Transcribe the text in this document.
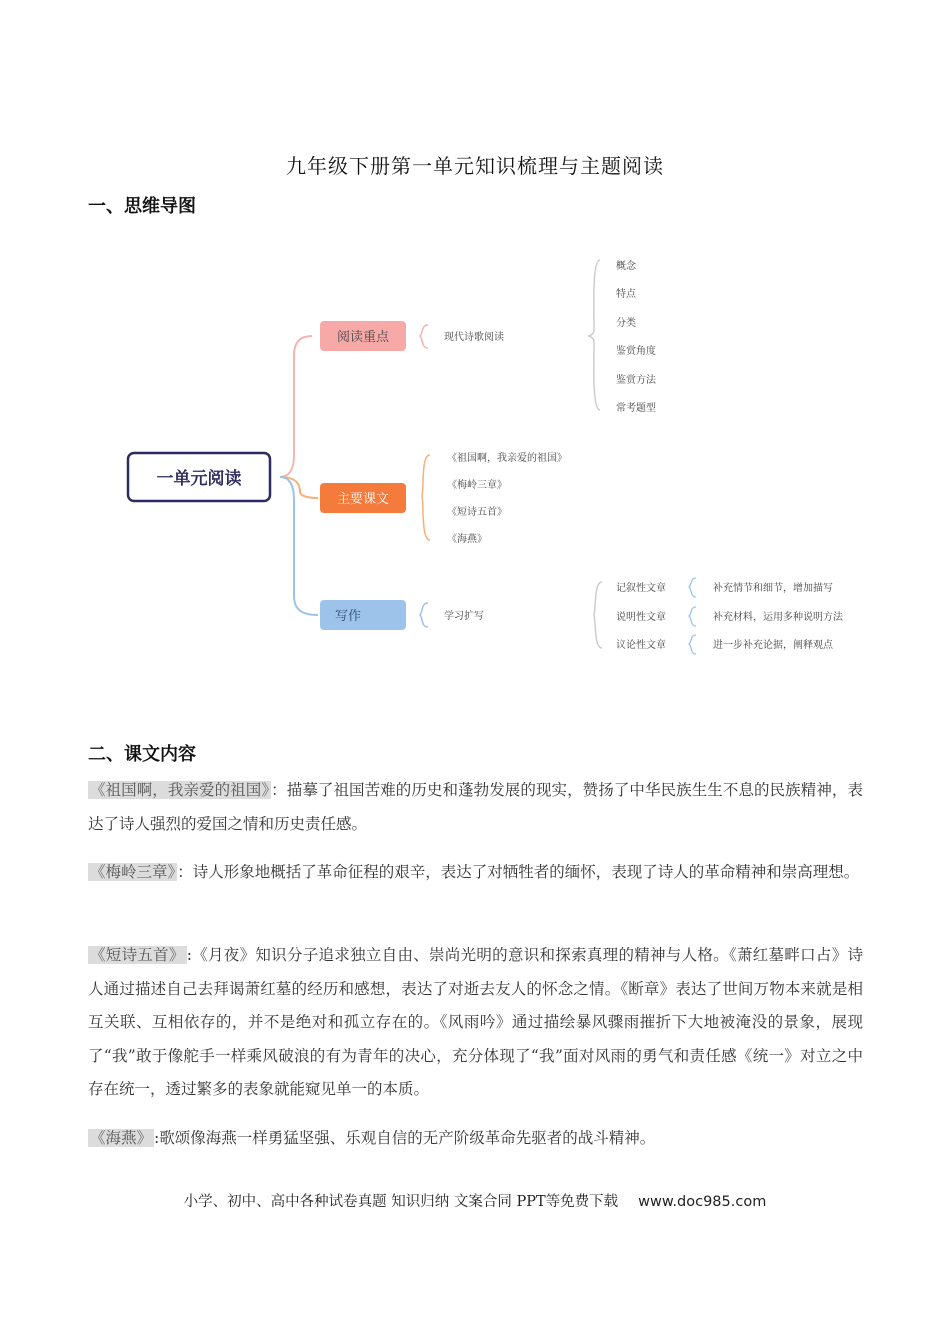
九年级下册第一单元知识梳理与主题阅读
一、思维导图
一单元阅读
阅读重点	现代诗歌阅读
概念
特点
分类
鉴赏角度
鉴赏方法
常考题型
主要课文
《祖国啊，我亲爱的祖国》
《梅岭三章》
《短诗五首》
《海燕》
写作	学习扩写
记叙性文章	补充情节和细节，增加描写
说明性文章	补充材料，运用多种说明方法
议论性文章	进一步补充论据，阐释观点
二、课文内容
《祖国啊，我亲爱的祖国》 ：描摹了祖国苦难的历史和蓬勃发展的现实，赞扬了中华民族生生不息的民族精神，表达了诗人强烈的爱国之情和历史责任感。
《梅岭三章》 ：诗人形象地概括了革命征程的艰辛，表达了对牺牲者的缅怀，表现了诗人的革命精神和崇高理想。
《短诗五首》 :《月夜》知识分子追求独立自由、崇尚光明的意识和探索真理的精神与人格。《萧红墓畔口占》诗人通过描述自己去拜谒萧红墓的经历和感想，表达了对逝去友人的怀念之情。《断章》表达了世间万物本来就是相互关联、互相依存的，并不是绝对和孤立存在的。《风雨吟》通过描绘暴风骤雨摧折下大地被淹没的景象，展现了“我”敢于像舵手一样乘风破浪的有为青年的决心，充分体现了“我”面对风雨的勇气和责任感《统一》对立之中存在统一，透过繁多的表象就能窥见单一的本质。
《海燕》 :歌颂像海燕一样勇猛坚强、乐观自信的无产阶级革命先驱者的战斗精神。
小学、初中、高中各种试卷真题 知识归纳 文案合同 PPT等免费下载 www.doc985.com
